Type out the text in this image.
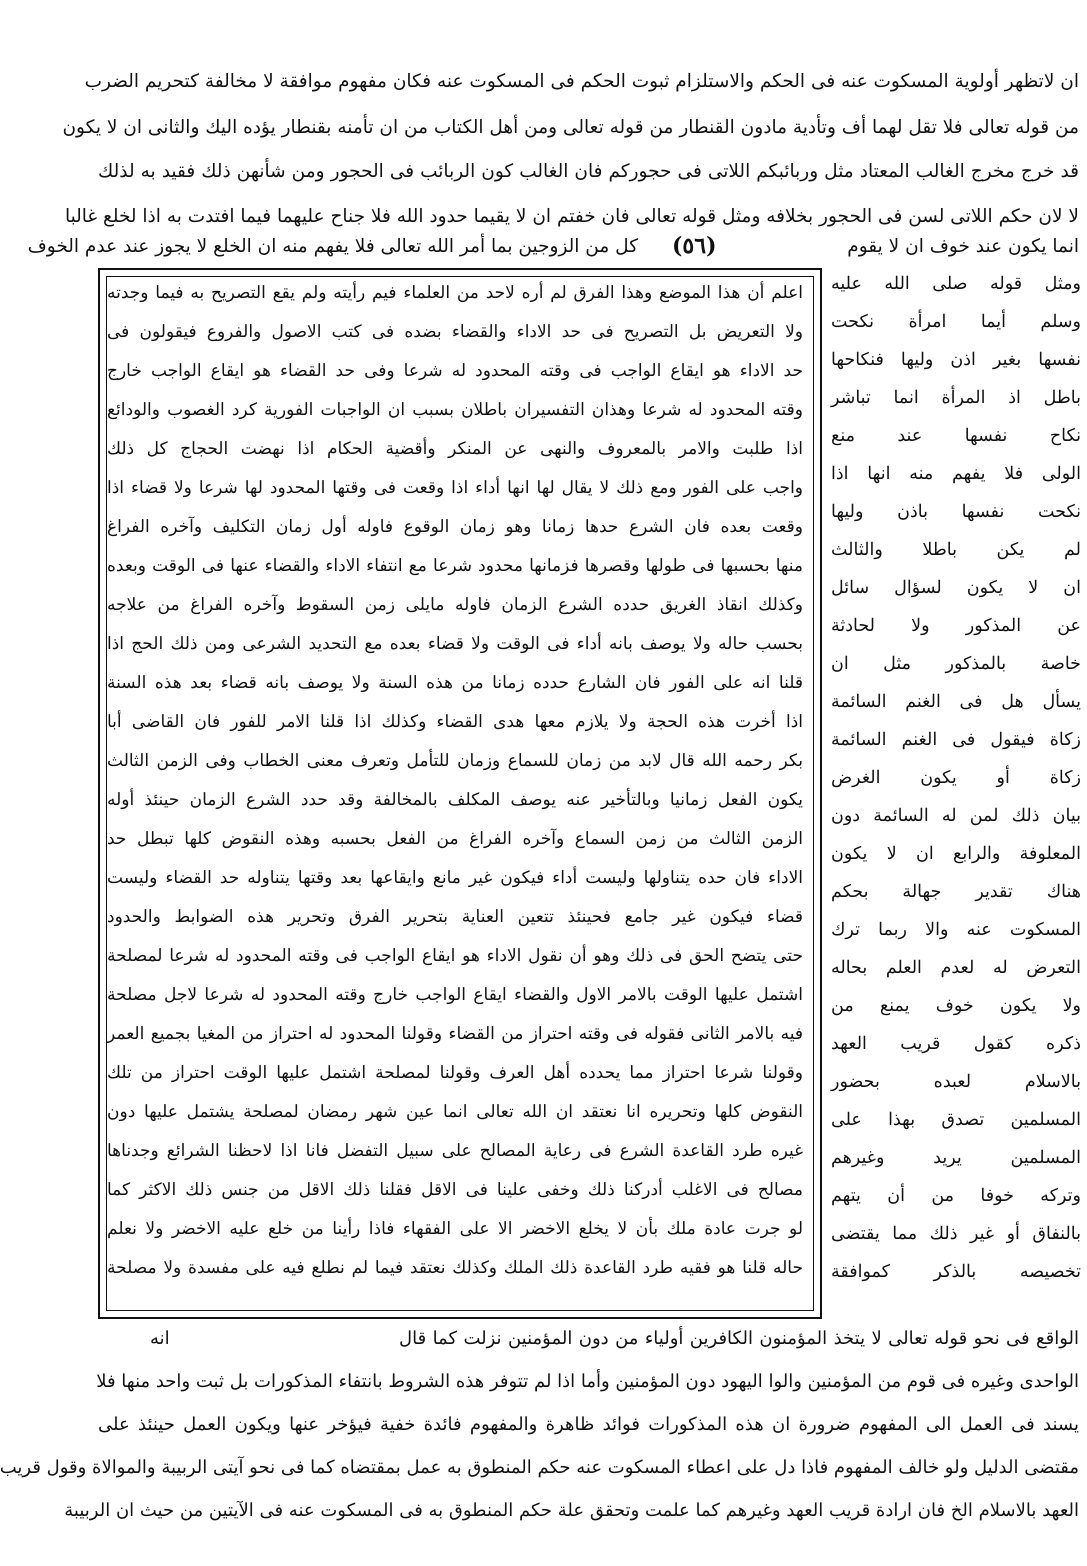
ان لاتظهر أولوية المسكوت عنه فى الحكم والاستلزام ثبوت الحكم فى المسكوت عنه فكان مفهوم موافقة لا مخالفة كتحريم الضرب
من قوله تعالى فلا تقل لهما أف وتأدية مادون القنطار من قوله تعالى ومن أهل الكتاب من ان تأمنه بقنطار يؤده اليك والثانى ان لا يكون
قد خرج مخرج الغالب المعتاد مثل وربائبكم اللاتى فى حجوركم فان الغالب كون الربائب فى الحجور ومن شأنهن ذلك فقيد به لذلك
لا لان حكم اللاتى لسن فى الحجور بخلافه ومثل قوله تعالى فان خفتم ان لا يقيما حدود الله فلا جناح عليهما فيما افتدت به اذا لخلع غالبا
انما يكون عند خوف ان لا يقوم
(٥٦)
كل من الزوجين بما أمر الله تعالى فلا يفهم منه ان الخلع لا يجوز عند عدم الخوف
ومثل قوله صلى الله عليه
وسلم أيما امرأة نكحت
نفسها بغير اذن وليها فنكاحها
باطل اذ المرأة انما تباشر
نكاح نفسها عند منع
الولى فلا يفهم منه انها اذا
نكحت نفسها باذن وليها
لم يكن باطلا والثالث
ان لا يكون لسؤال سائل
عن المذكور ولا لحادثة
خاصة بالمذكور مثل ان
يسأل هل فى الغنم السائمة
زكاة فيقول فى الغنم السائمة
زكاة أو يكون الغرض
بيان ذلك لمن له السائمة دون
المعلوفة والرابع ان لا يكون
هناك تقدير جهالة بحكم
المسكوت عنه والا ربما ترك
التعرض له لعدم العلم بحاله
ولا يكون خوف يمنع من
ذكره كقول قريب العهد
بالاسلام لعبده بحضور
المسلمين تصدق بهذا على
المسلمين يريد وغيرهم
وتركه خوفا من أن يتهم
بالنفاق أو غير ذلك مما يقتضى
تخصيصه بالذكر كموافقة
اعلم أن هذا الموضع وهذا الفرق لم أره لاحد من العلماء فيم رأيته ولم يقع التصريح به فيما وجدته
ولا التعريض بل التصريح فى حد الاداء والقضاء بضده فى كتب الاصول والفروع فيقولون فى
حد الاداء هو ايقاع الواجب فى وقته المحدود له شرعا وفى حد القضاء هو ايقاع الواجب خارج
وقته المحدود له شرعا وهذان التفسيران باطلان بسبب ان الواجبات الفورية كرد الغصوب والودائع
اذا طلبت والامر بالمعروف والنهى عن المنكر وأقضية الحكام اذا نهضت الحجاج كل ذلك
واجب على الفور ومع ذلك لا يقال لها انها أداء اذا وقعت فى وقتها المحدود لها شرعا ولا قضاء اذا
وقعت بعده فان الشرع حدها زمانا وهو زمان الوقوع فاوله أول زمان التكليف وآخره الفراغ
منها بحسبها فى طولها وقصرها فزمانها محدود شرعا مع انتفاء الاداء والقضاء عنها فى الوقت وبعده
وكذلك انقاذ الغريق حدده الشرع الزمان فاوله مايلى زمن السقوط وآخره الفراغ من علاجه
بحسب حاله ولا يوصف بانه أداء فى الوقت ولا قضاء بعده مع التحديد الشرعى ومن ذلك الحج اذا
قلنا انه على الفور فان الشارع حدده زمانا من هذه السنة ولا يوصف بانه قضاء بعد هذه السنة
اذا أخرت هذه الحجة ولا يلازم معها هدى القضاء وكذلك اذا قلنا الامر للفور فان القاضى أبا
بكر رحمه الله قال لابد من زمان للسماع وزمان للتأمل وتعرف معنى الخطاب وفى الزمن الثالث
يكون الفعل زمانيا وبالتأخير عنه يوصف المكلف بالمخالفة وقد حدد الشرع الزمان حينئذ أوله
الزمن الثالث من زمن السماع وآخره الفراغ من الفعل بحسبه وهذه النقوض كلها تبطل حد
الاداء فان حده يتناولها وليست أداء فيكون غير مانع وايقاعها بعد وقتها يتناوله حد القضاء وليست
قضاء فيكون غير جامع فحينئذ تتعين العناية بتحرير الفرق وتحرير هذه الضوابط والحدود
حتى يتضح الحق فى ذلك وهو أن نقول الاداء هو ايقاع الواجب فى وقته المحدود له شرعا لمصلحة
اشتمل عليها الوقت بالامر الاول والقضاء ايقاع الواجب خارج وقته المحدود له شرعا لاجل مصلحة
فيه بالامر الثانى فقوله فى وقته احتراز من القضاء وقولنا المحدود له احتراز من المغيا بجميع العمر
وقولنا شرعا احتراز مما يحدده أهل العرف وقولنا لمصلحة اشتمل عليها الوقت احتراز من تلك
النقوض كلها وتحريره انا نعتقد ان الله تعالى انما عين شهر رمضان لمصلحة يشتمل عليها دون
غيره طرد القاعدة الشرع فى رعاية المصالح على سبيل التفضل فانا اذا لاحظنا الشرائع وجدناها
مصالح فى الاغلب أدركنا ذلك وخفى علينا فى الاقل فقلنا ذلك الاقل من جنس ذلك الاكثر كما
لو جرت عادة ملك بأن لا يخلع الاخضر الا على الفقهاء فاذا رأينا من خلع عليه الاخضر ولا نعلم
حاله قلنا هو فقيه طرد القاعدة ذلك الملك وكذلك نعتقد فيما لم نطلع فيه على مفسدة ولا مصلحة
الواقع فى نحو قوله تعالى لا يتخذ المؤمنون الكافرين أولياء من دون المؤمنين نزلت كما قال
انه
الواحدى وغيره فى قوم من المؤمنين والوا اليهود دون المؤمنين وأما اذا لم تتوفر هذه الشروط بانتفاء المذكورات بل ثبت واحد منها فلا
يسند فى العمل الى المفهوم ضرورة ان هذه المذكورات فوائد ظاهرة والمفهوم فائدة خفية فيؤخر عنها ويكون العمل حينئذ على
مقتضى الدليل ولو خالف المفهوم فاذا دل على اعطاء المسكوت عنه حكم المنطوق به عمل بمقتضاه كما فى نحو آيتى الربيبة والموالاة وقول قريب
العهد بالاسلام الخ فان ارادة قريب العهد وغيرهم كما علمت وتحقق علة حكم المنطوق به فى المسكوت عنه فى الآيتين من حيث ان الربيبة
